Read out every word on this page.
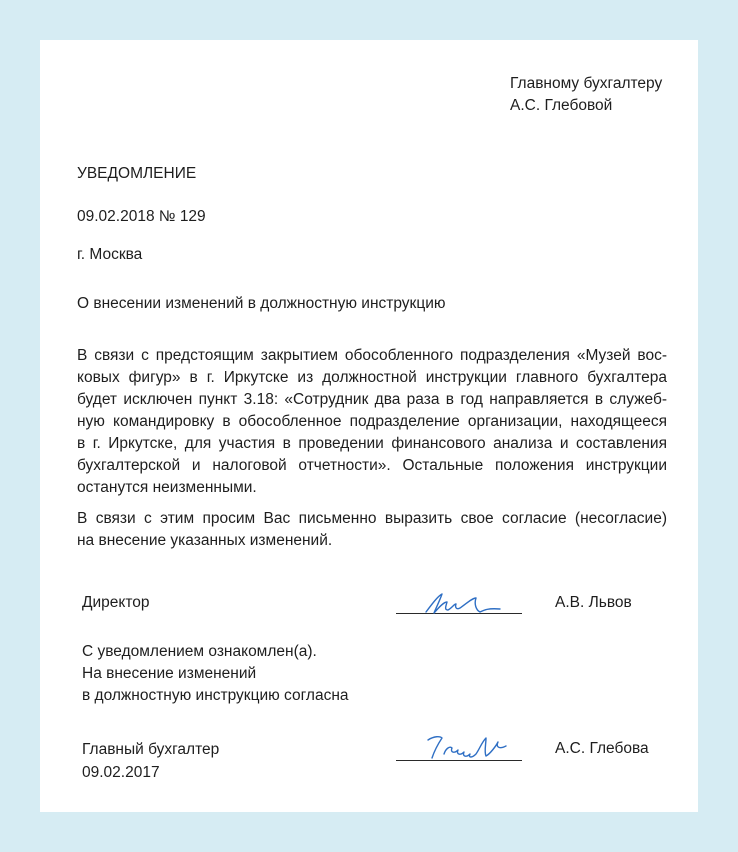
Главному бухгалтеру
А.С. Глебовой
УВЕДОМЛЕНИЕ
09.02.2018 № 129
г. Москва
О внесении изменений в должностную инструкцию
В связи с предстоящим закрытием обособленного подразделения «Музей вос-
ковых фигур» в г. Иркутске из должностной инструкции главного бухгалтера
будет исключен пункт 3.18: «Сотрудник два раза в год направляется в служеб-
ную командировку в обособленное подразделение организации, находящееся
в г. Иркутске, для участия в проведении финансового анализа и составления
бухгалтерской и налоговой отчетности». Остальные положения инструкции
останутся неизменными.
В связи с этим просим Вас письменно выразить свое согласие (несогласие)
на внесение указанных изменений.
Директор	А.В. Львов
С уведомлением ознакомлен(а).
На внесение изменений
в должностную инструкцию согласна
Главный бухгалтер
09.02.2017
А.С. Глебова
